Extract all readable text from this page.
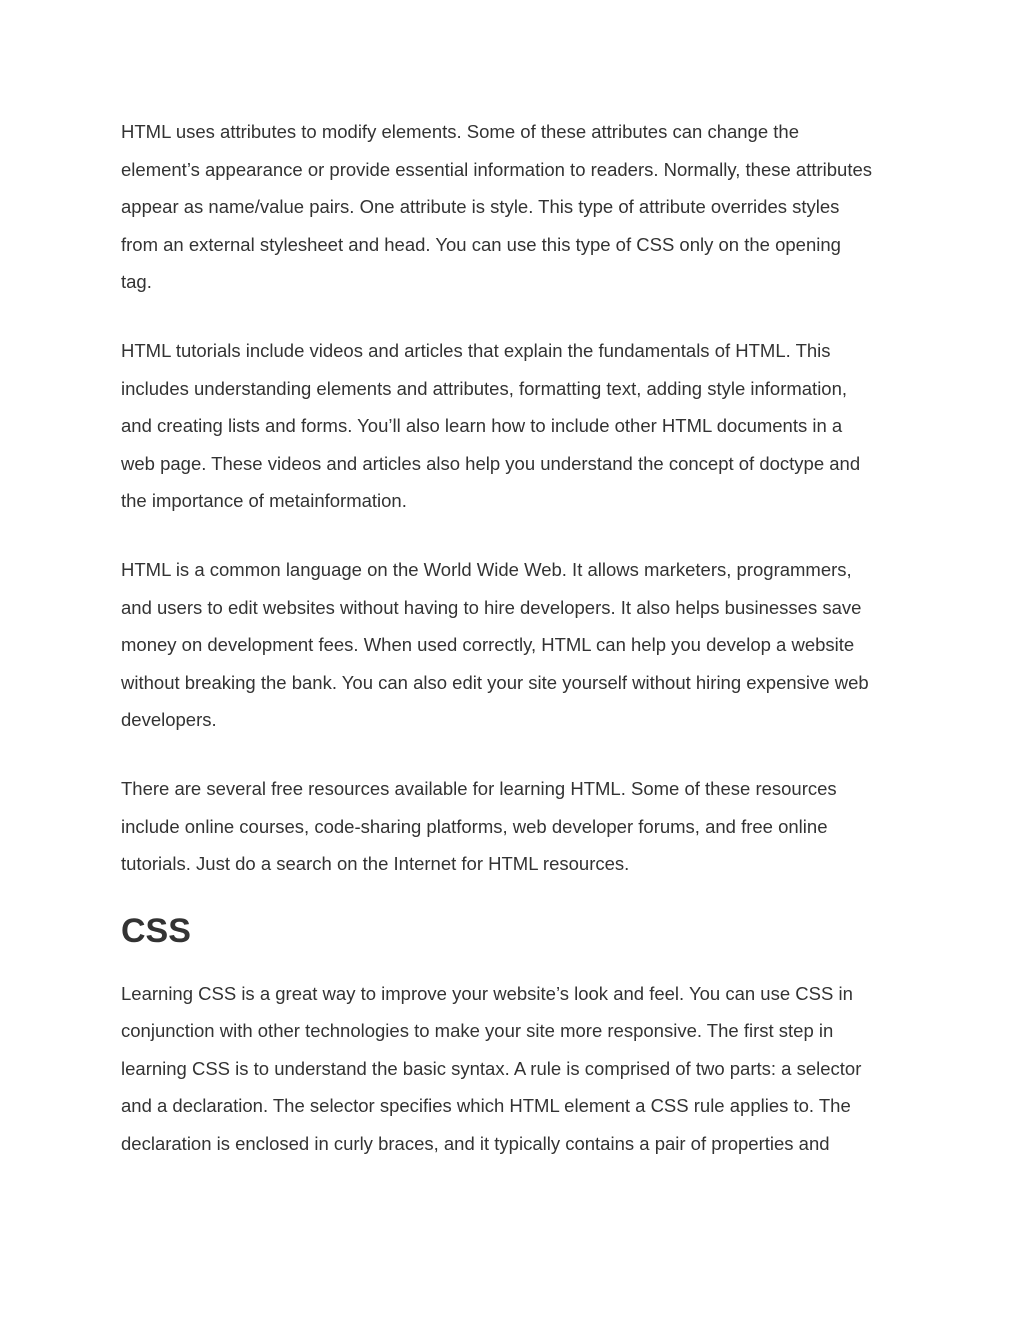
HTML uses attributes to modify elements. Some of these attributes can change the
element’s appearance or provide essential information to readers. Normally, these attributes
appear as name/value pairs. One attribute is style. This type of attribute overrides styles
from an external stylesheet and head. You can use this type of CSS only on the opening
tag.

HTML tutorials include videos and articles that explain the fundamentals of HTML. This
includes understanding elements and attributes, formatting text, adding style information,
and creating lists and forms. You’ll also learn how to include other HTML documents in a
web page. These videos and articles also help you understand the concept of doctype and
the importance of metainformation.

HTML is a common language on the World Wide Web. It allows marketers, programmers,
and users to edit websites without having to hire developers. It also helps businesses save
money on development fees. When used correctly, HTML can help you develop a website
without breaking the bank. You can also edit your site yourself without hiring expensive web
developers.

There are several free resources available for learning HTML. Some of these resources
include online courses, code-sharing platforms, web developer forums, and free online
tutorials. Just do a search on the Internet for HTML resources.

CSS

Learning CSS is a great way to improve your website’s look and feel. You can use CSS in
conjunction with other technologies to make your site more responsive. The first step in
learning CSS is to understand the basic syntax. A rule is comprised of two parts: a selector
and a declaration. The selector specifies which HTML element a CSS rule applies to. The
declaration is enclosed in curly braces, and it typically contains a pair of properties and
